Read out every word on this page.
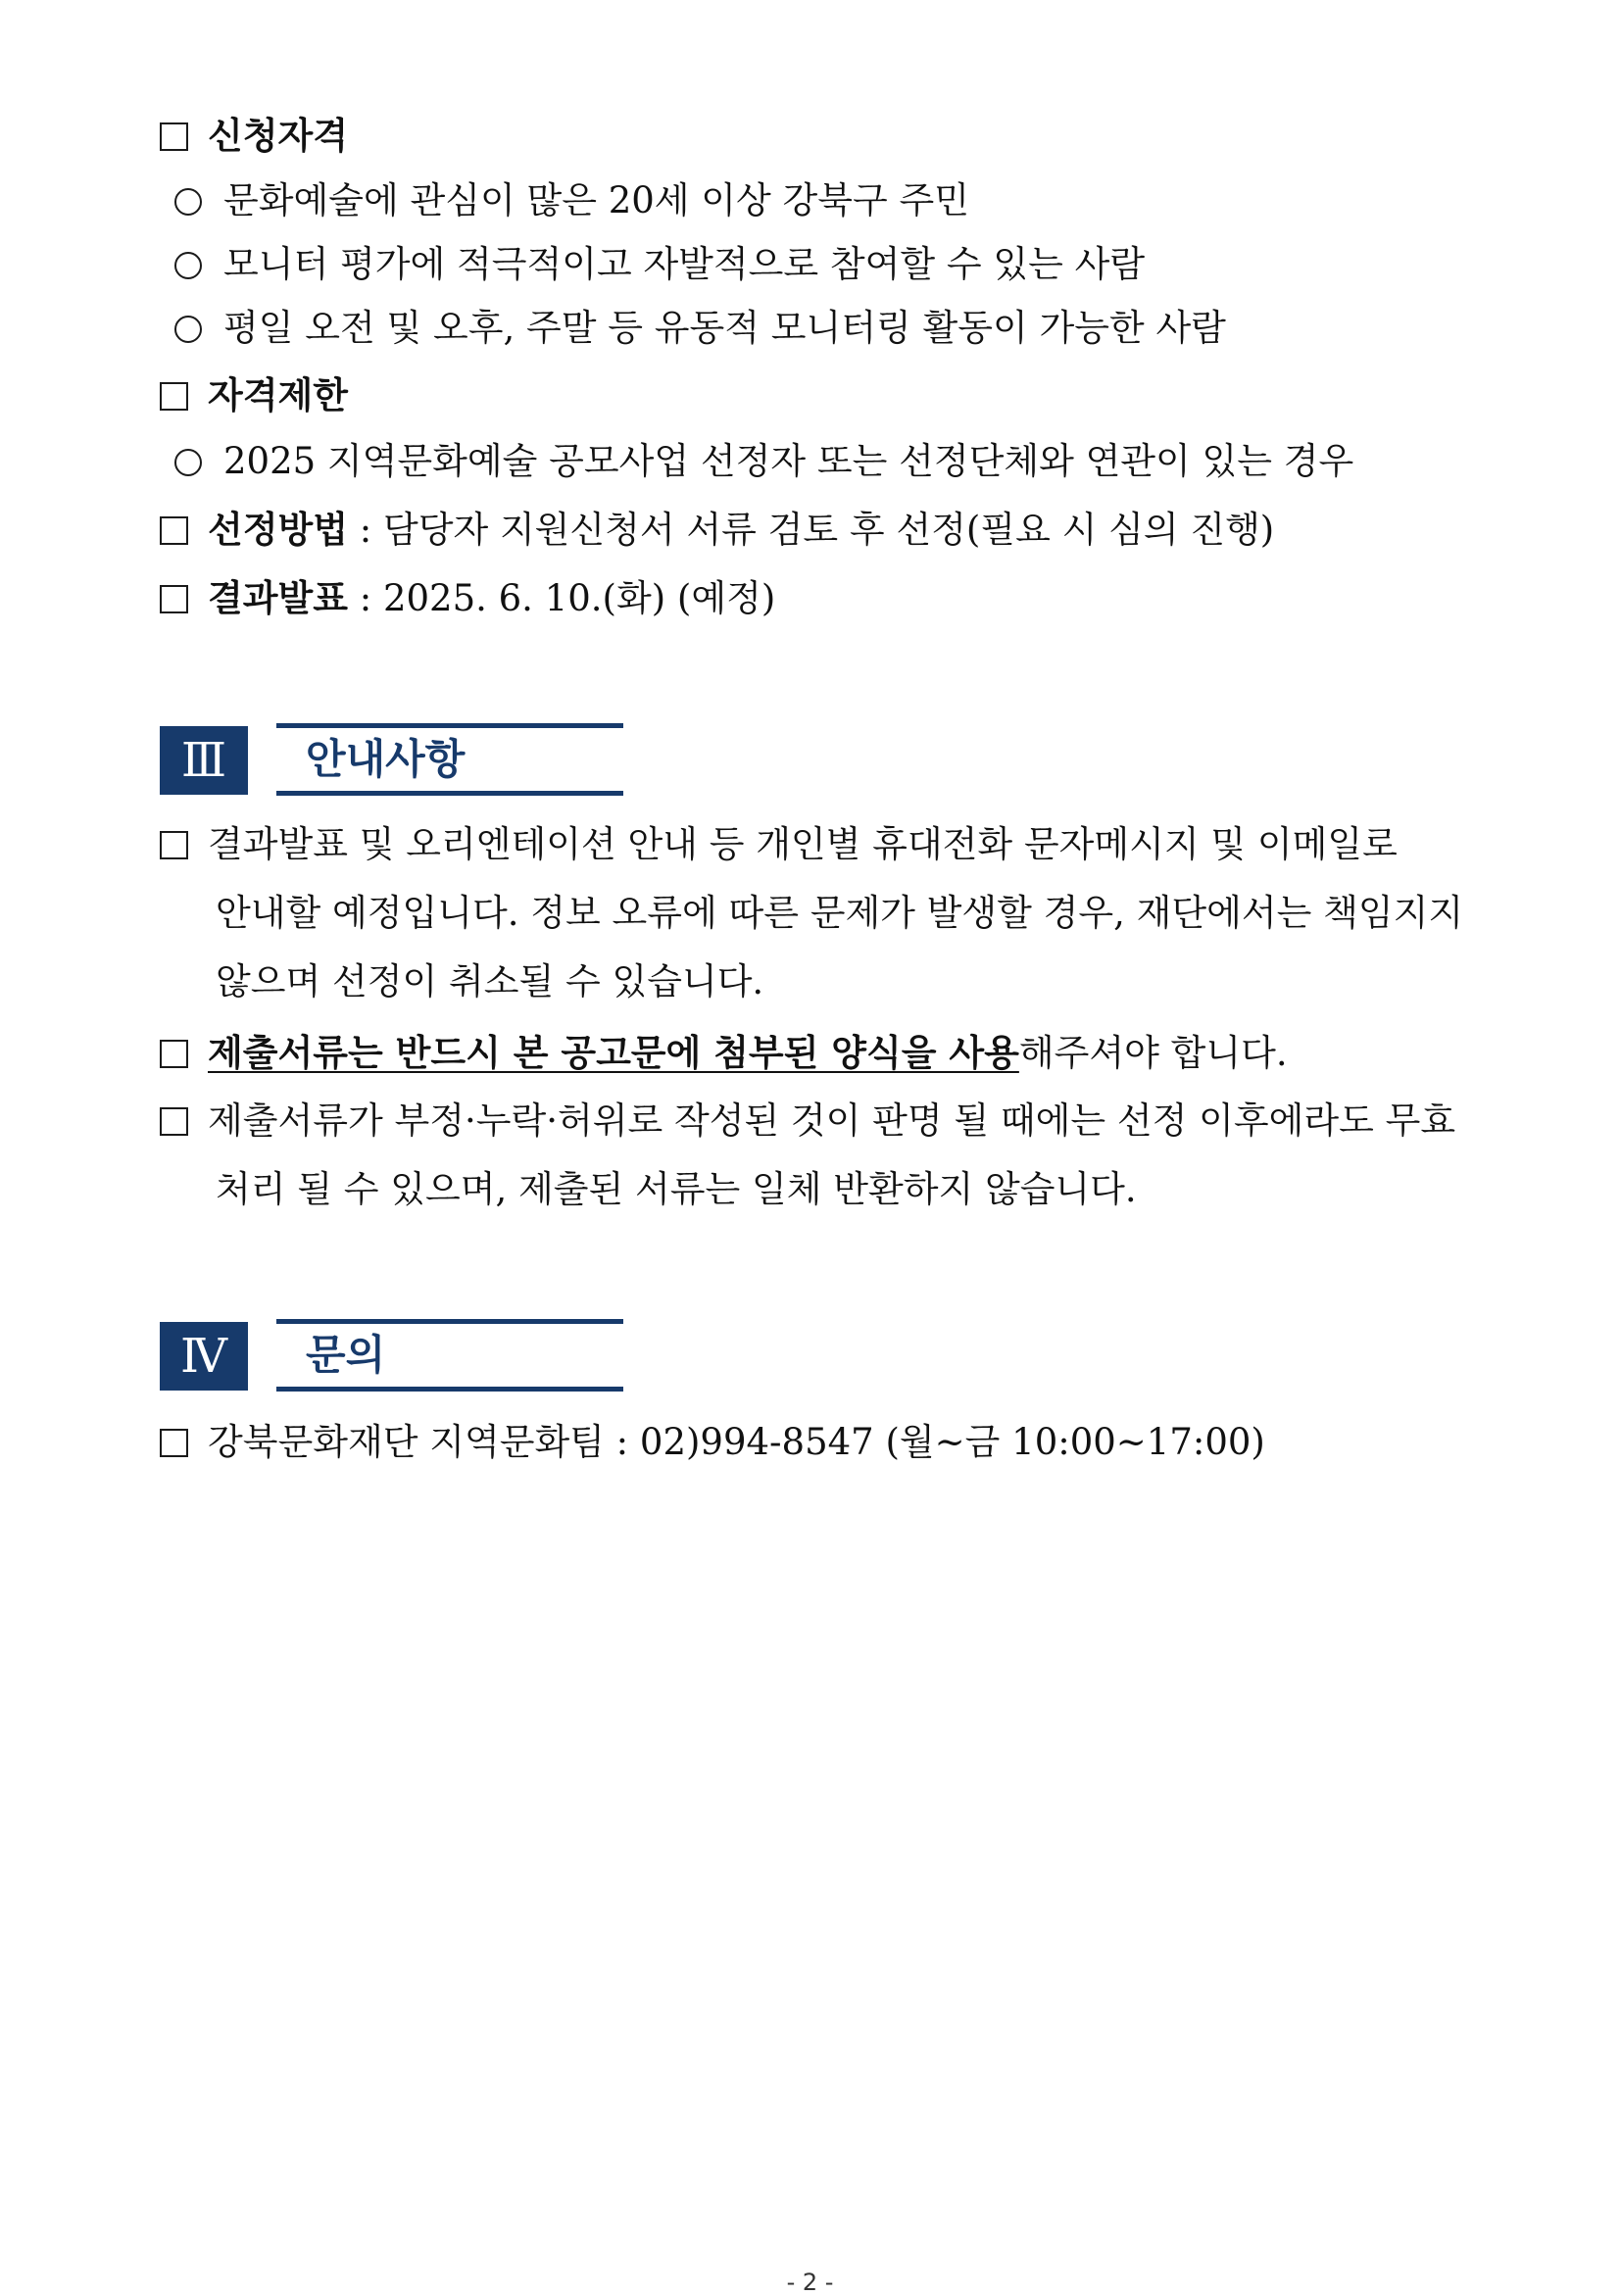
신청자격
문화예술에 관심이 많은 20세 이상 강북구 주민
모니터 평가에 적극적이고 자발적으로 참여할 수 있는 사람
평일 오전 및 오후, 주말 등 유동적 모니터링 활동이 가능한 사람
자격제한
2025 지역문화예술 공모사업 선정자 또는 선정단체와 연관이 있는 경우
선정방법 : 담당자 지원신청서 서류 검토 후 선정(필요 시 심의 진행)
결과발표 : 2025. 6. 10.(화) (예정)
Ⅲ	안내사항
결과발표 및 오리엔테이션 안내 등 개인별 휴대전화 문자메시지 및 이메일로
안내할 예정입니다. 정보 오류에 따른 문제가 발생할 경우, 재단에서는 책임지지
않으며 선정이 취소될 수 있습니다.
제출서류는 반드시 본 공고문에 첨부된 양식을 사용해주셔야 합니다.
제출서류가 부정·누락·허위로 작성된 것이 판명 될 때에는 선정 이후에라도 무효
처리 될 수 있으며, 제출된 서류는 일체 반환하지 않습니다.
Ⅳ	문의
강북문화재단 지역문화팀 : 02)994-8547 (월~금 10:00~17:00)
- 2 -
